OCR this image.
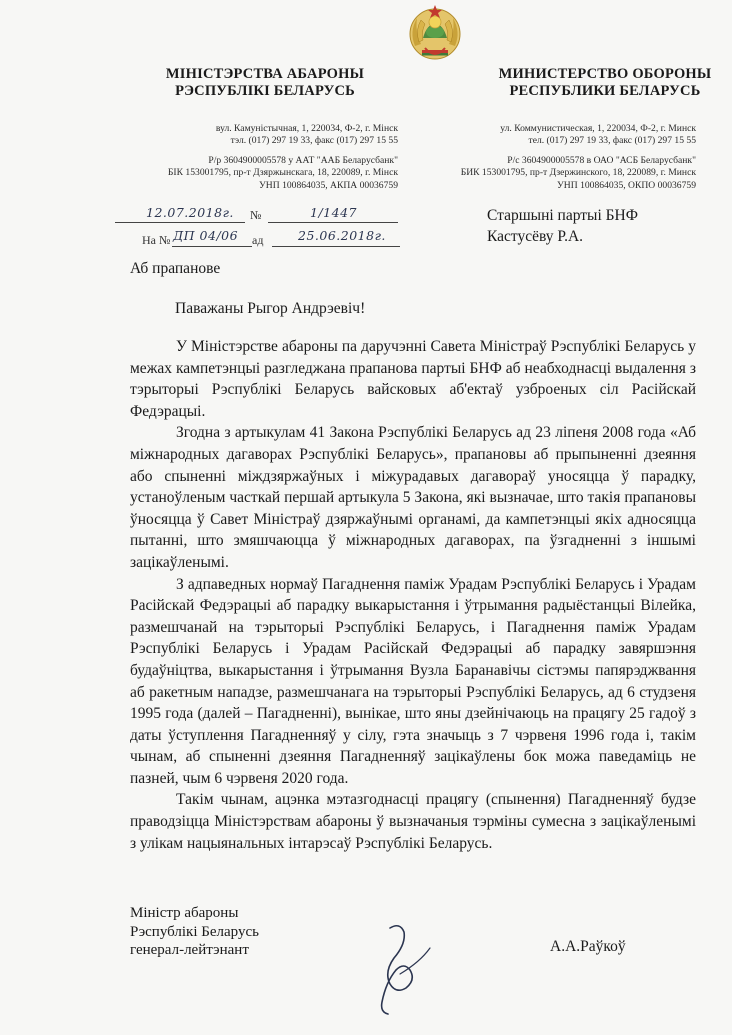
МІНІСТЭРСТВА АБАРОНЫ
РЭСПУБЛІКІ БЕЛАРУСЬ
МИНИСТЕРСТВО ОБОРОНЫ
РЕСПУБЛИКИ БЕЛАРУСЬ
вул. Камуністычная, 1, 220034, Ф-2, г. Мінск
тэл. (017) 297 19 33, факс (017) 297 15 55
Р/р 3604900005578 у ААТ "ААБ Беларусбанк"
БІК 153001795, пр-т Дзяржынскага, 18, 220089, г. Мінск
УНП 100864035, АКПА 00036759
ул. Коммунистическая, 1, 220034, Ф-2, г. Минск
тел. (017) 297 19 33, факс (017) 297 15 55
Р/с 3604900005578 в ОАО "АСБ Беларусбанк"
БИК 153001795, пр-т Дзержинского, 18, 220089, г. Минск
УНП 100864035, ОКПО 00036759
12.07.2018г. №	1/1447
На № ДП 04/06 ад	25.06.2018г.
Старшыні партыі БНФ
Кастусёву Р.А.
Аб прапанове
Паважаны Рыгор Андрэевіч!

У Міністэрстве абароны па даручэнні Савета Міністраў Рэспублікі Беларусь у межах кампетэнцыі разгледжана прапанова партыі БНФ аб неабходнасці выдалення з тэрыторыі Рэспублікі Беларусь вайсковых аб'ектаў узброеных сіл Расійскай Федэрацыі.

Згодна з артыкулам 41 Закона Рэспублікі Беларусь ад 23 ліпеня 2008 года «Аб міжнародных дагаворах Рэспублікі Беларусь», прапановы аб прыпыненні дзеяння або спыненні міждзяржаўных і міжурадавых дагавораў уносяцца ў парадку, устаноўленым часткай першай артыкула 5 Закона, які вызначае, што такія прапановы ўносяцца ў Савет Міністраў дзяржаўнымі органамі, да кампетэнцыі якіх адносяцца пытанні, што змяшчаюцца ў міжнародных дагаворах, па ўзгадненні з іншымі зацікаўленымі.

З адпаведных нормаў Пагаднення паміж Урадам Рэспублікі Беларусь і Урадам Расійскай Федэрацыі аб парадку выкарыстання і ўтрымання радыёстанцыі Вілейка, размешчанай на тэрыторыі Рэспублікі Беларусь, і Пагаднення паміж Урадам Рэспублікі Беларусь і Урадам Расійскай Федэрацыі аб парадку завяршэння будаўніцтва, выкарыстання і ўтрымання Вузла Баранавічы сістэмы папярэджвання аб ракетным нападзе, размешчанага на тэрыторыі Рэспублікі Беларусь, ад 6 студзеня 1995 года (далей – Пагадненні), вынікае, што яны дзейнічаюць на працягу 25 гадоў з даты ўступлення Пагадненняў у сілу, гэта значыць з 7 чэрвеня 1996 года і, такім чынам, аб спыненні дзеяння Пагадненняў зацікаўлены бок можа паведаміць не пазней, чым 6 чэрвеня 2020 года.

Такім чынам, ацэнка мэтазгоднасці працягу (спынення) Пагадненняў будзе праводзіцца Міністэрствам абароны ў вызначаныя тэрміны сумесна з зацікаўленымі з улікам нацыянальных інтарэсаў Рэспублікі Беларусь.

Міністр абароны
Рэспублікі Беларусь
генерал-лейтэнант	А.А.Раўкоў
